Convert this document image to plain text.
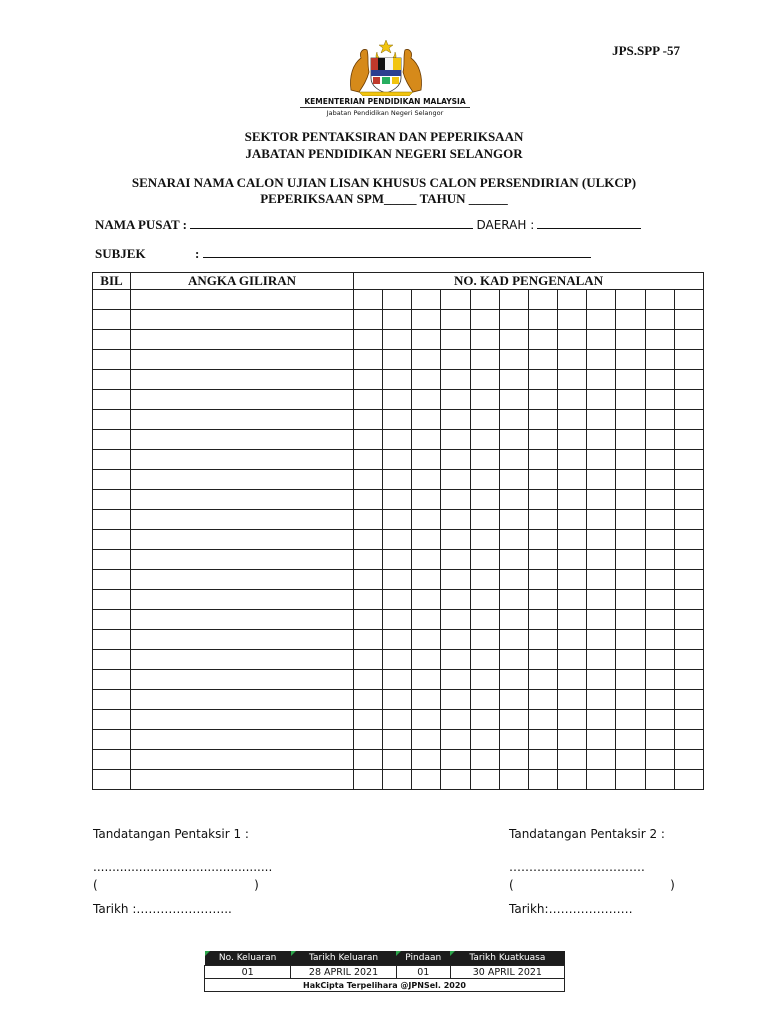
JPS.SPP -57
KEMENTERIAN PENDIDIKAN MALAYSIA
Jabatan Pendidikan Negeri Selangor
SEKTOR PENTAKSIRAN DAN PEPERIKSAAN
JABATAN PENDIDIKAN NEGERI SELANGOR
SENARAI NAMA CALON UJIAN LISAN KHUSUS CALON PERSENDIRIAN (ULKCP)
PEPERIKSAAN SPM_____ TAHUN ______
NAMA PUSAT :	DAERAH :
SUBJEK	:
BIL	ANGKA GILIRAN	NO. KAD PENGENALAN											

Tandatangan Pentaksir 1 :
...............................................
(                                         )
Tarikh :…………………...
Tandatangan Pentaksir 2 :
…………………………….
(                                         )
Tarikh:…………………
No. Keluaran	Tarikh Keluaran	Pindaan	Tarikh Kuatkuasa
01	28 APRIL 2021	01	30 APRIL 2021
HakCipta Terpelihara @JPNSel. 2020			
